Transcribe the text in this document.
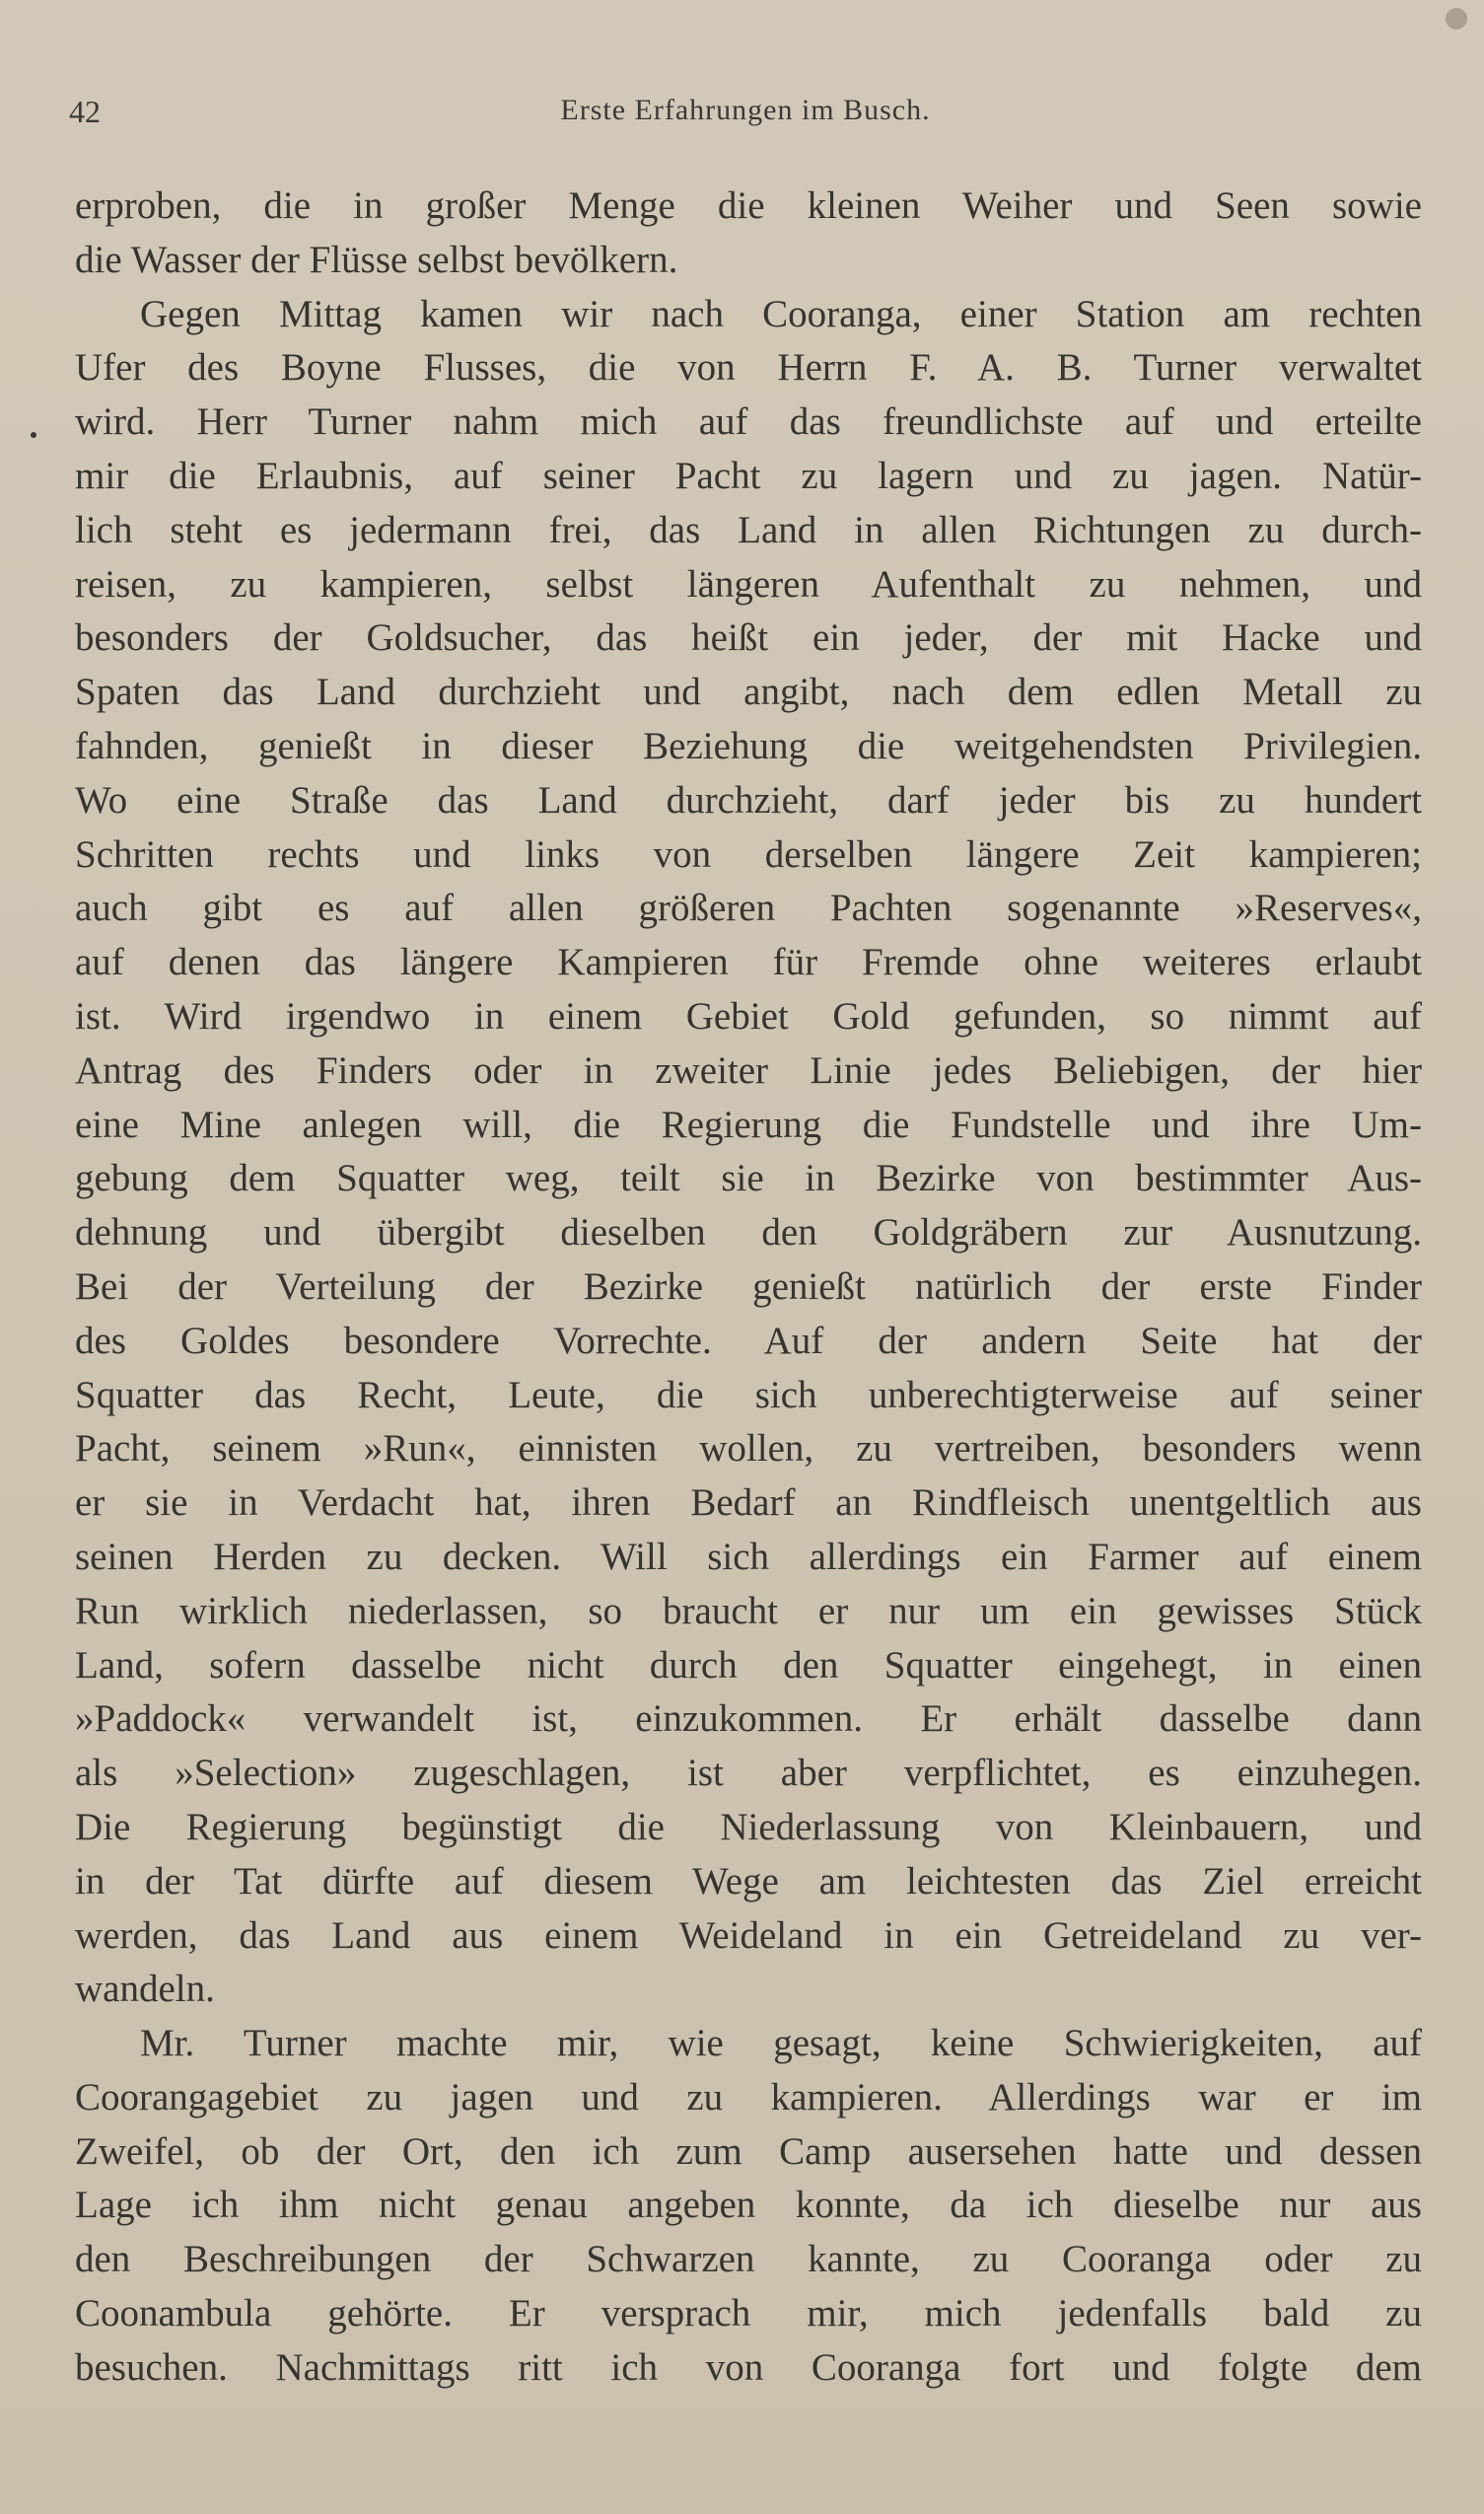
42	Erste Erfahrungen im Busch.
erproben, die in großer Menge die kleinen Weiher und Seen sowie
die Wasser der Flüsse selbst bevölkern.
Gegen Mittag kamen wir nach Cooranga, einer Station am rechten
Ufer des Boyne Flusses, die von Herrn F. A. B. Turner verwaltet
wird. Herr Turner nahm mich auf das freundlichste auf und erteilte
mir die Erlaubnis, auf seiner Pacht zu lagern und zu jagen. Natür-
lich steht es jedermann frei, das Land in allen Richtungen zu durch-
reisen, zu kampieren, selbst längeren Aufenthalt zu nehmen, und
besonders der Goldsucher, das heißt ein jeder, der mit Hacke und
Spaten das Land durchzieht und angibt, nach dem edlen Metall zu
fahnden, genießt in dieser Beziehung die weitgehendsten Privilegien.
Wo eine Straße das Land durchzieht, darf jeder bis zu hundert
Schritten rechts und links von derselben längere Zeit kampieren;
auch gibt es auf allen größeren Pachten sogenannte »Reserves«,
auf denen das längere Kampieren für Fremde ohne weiteres erlaubt
ist. Wird irgendwo in einem Gebiet Gold gefunden, so nimmt auf
Antrag des Finders oder in zweiter Linie jedes Beliebigen, der hier
eine Mine anlegen will, die Regierung die Fundstelle und ihre Um-
gebung dem Squatter weg, teilt sie in Bezirke von bestimmter Aus-
dehnung und übergibt dieselben den Goldgräbern zur Ausnutzung.
Bei der Verteilung der Bezirke genießt natürlich der erste Finder
des Goldes besondere Vorrechte. Auf der andern Seite hat der
Squatter das Recht, Leute, die sich unberechtigterweise auf seiner
Pacht, seinem »Run«, einnisten wollen, zu vertreiben, besonders wenn
er sie in Verdacht hat, ihren Bedarf an Rindfleisch unentgeltlich aus
seinen Herden zu decken. Will sich allerdings ein Farmer auf einem
Run wirklich niederlassen, so braucht er nur um ein gewisses Stück
Land, sofern dasselbe nicht durch den Squatter eingehegt, in einen
»Paddock« verwandelt ist, einzukommen. Er erhält dasselbe dann
als »Selection» zugeschlagen, ist aber verpflichtet, es einzuhegen.
Die Regierung begünstigt die Niederlassung von Kleinbauern, und
in der Tat dürfte auf diesem Wege am leichtesten das Ziel erreicht
werden, das Land aus einem Weideland in ein Getreideland zu ver-
wandeln.
Mr. Turner machte mir, wie gesagt, keine Schwierigkeiten, auf
Coorangagebiet zu jagen und zu kampieren. Allerdings war er im
Zweifel, ob der Ort, den ich zum Camp ausersehen hatte und dessen
Lage ich ihm nicht genau angeben konnte, da ich dieselbe nur aus
den Beschreibungen der Schwarzen kannte, zu Cooranga oder zu
Coonambula gehörte. Er versprach mir, mich jedenfalls bald zu
besuchen. Nachmittags ritt ich von Cooranga fort und folgte dem
